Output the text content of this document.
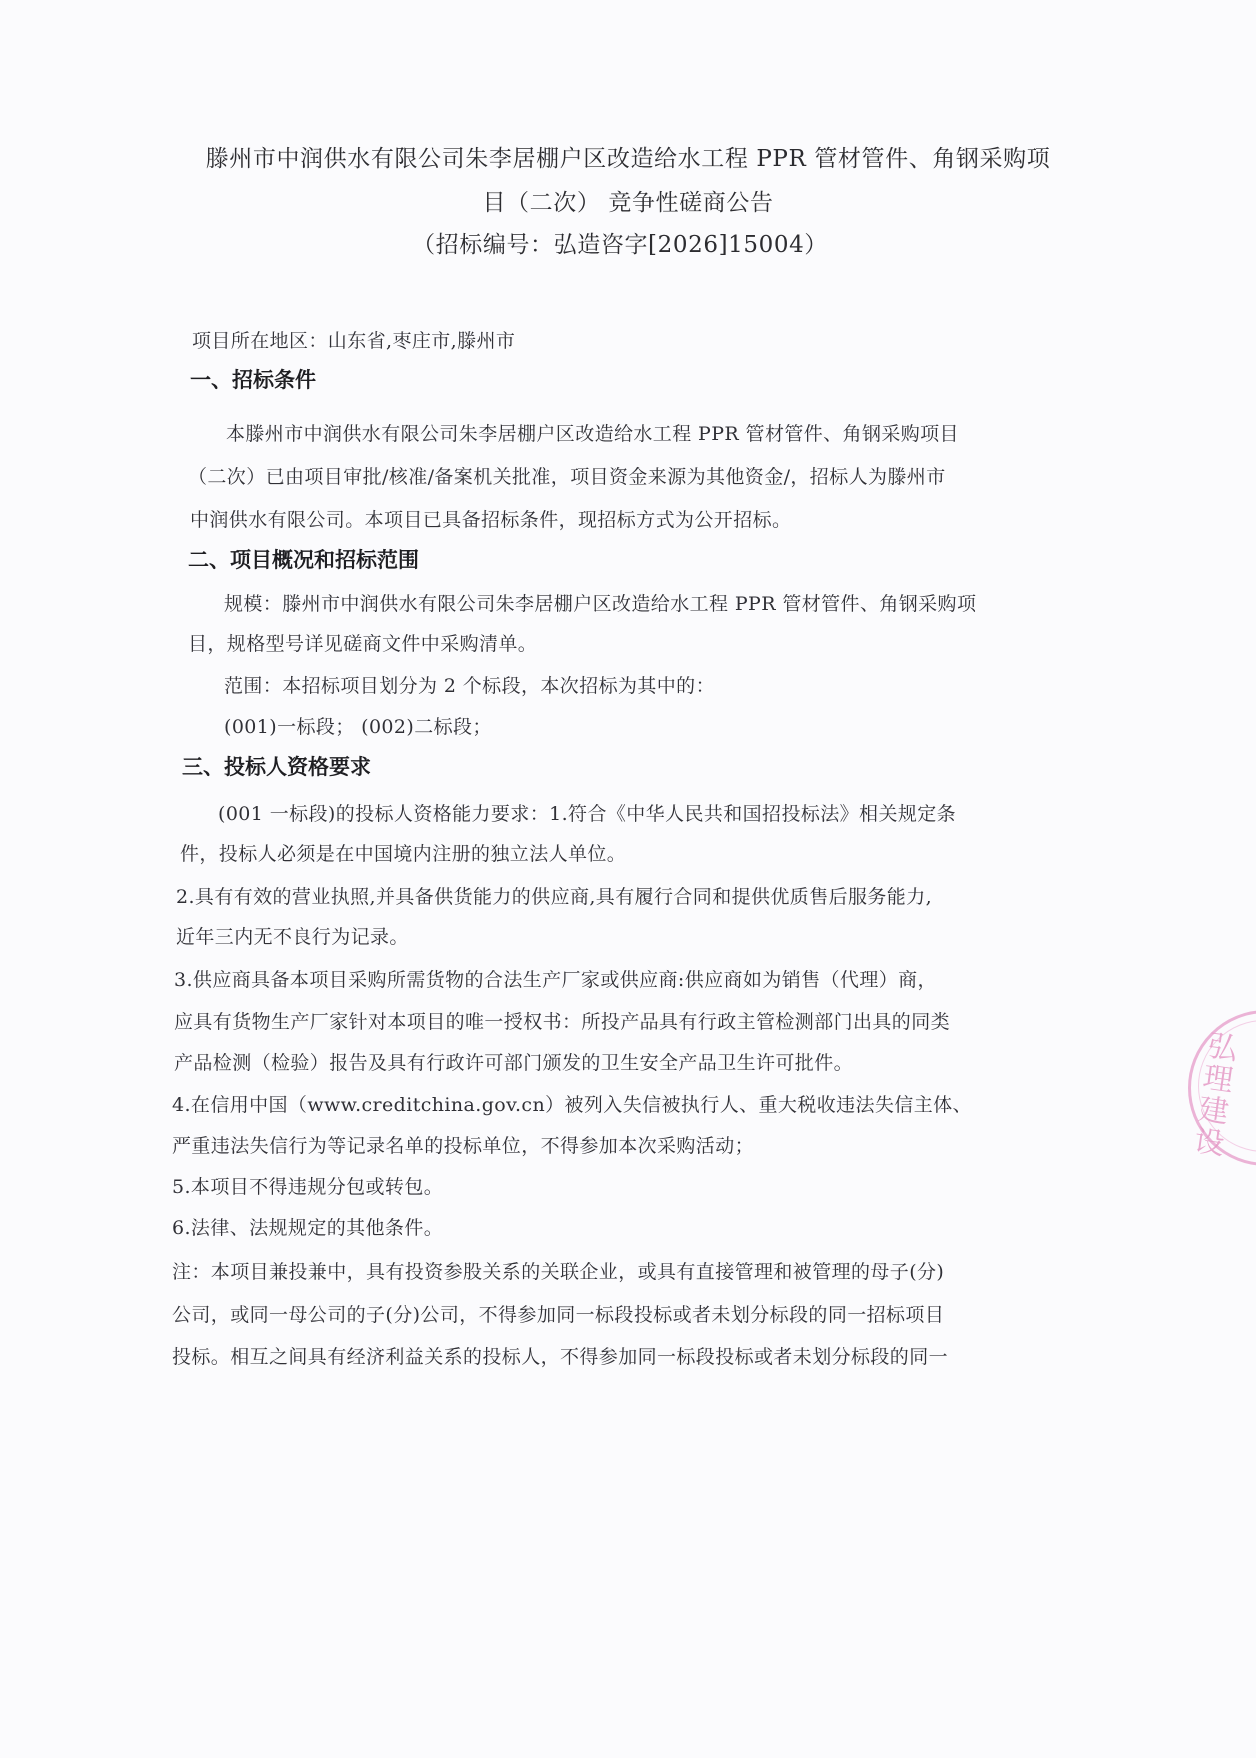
滕州市中润供水有限公司朱李居棚户区改造给水工程 PPR 管材管件、角钢采购项
目（二次） 竞争性磋商公告
（招标编号：弘造咨字[2026]15004）
项目所在地区：山东省,枣庄市,滕州市
一、招标条件
本滕州市中润供水有限公司朱李居棚户区改造给水工程 PPR 管材管件、角钢采购项目
（二次）已由项目审批/核准/备案机关批准，项目资金来源为其他资金/，招标人为滕州市
中润供水有限公司。本项目已具备招标条件，现招标方式为公开招标。
二、项目概况和招标范围
规模：滕州市中润供水有限公司朱李居棚户区改造给水工程 PPR 管材管件、角钢采购项
目，规格型号详见磋商文件中采购清单。
范围：本招标项目划分为 2 个标段，本次招标为其中的：
(001)一标段； (002)二标段；
三、投标人资格要求
(001 一标段)的投标人资格能力要求：1.符合《中华人民共和国招投标法》相关规定条
件，投标人必须是在中国境内注册的独立法人单位。
2.具有有效的营业执照,并具备供货能力的供应商,具有履行合同和提供优质售后服务能力,
近年三内无不良行为记录。
3.供应商具备本项目采购所需货物的合法生产厂家或供应商:供应商如为销售（代理）商，
应具有货物生产厂家针对本项目的唯一授权书：所投产品具有行政主管检测部门出具的同类
产品检测（检验）报告及具有行政许可部门颁发的卫生安全产品卫生许可批件。
4.在信用中国（www.creditchina.gov.cn）被列入失信被执行人、重大税收违法失信主体、
严重违法失信行为等记录名单的投标单位，不得参加本次采购活动；
5.本项目不得违规分包或转包。
6.法律、法规规定的其他条件。
注：本项目兼投兼中，具有投资参股关系的关联企业，或具有直接管理和被管理的母子(分)
公司，或同一母公司的子(分)公司，不得参加同一标段投标或者未划分标段的同一招标项目
投标。相互之间具有经济利益关系的投标人，不得参加同一标段投标或者未划分标段的同一
弘理建设
